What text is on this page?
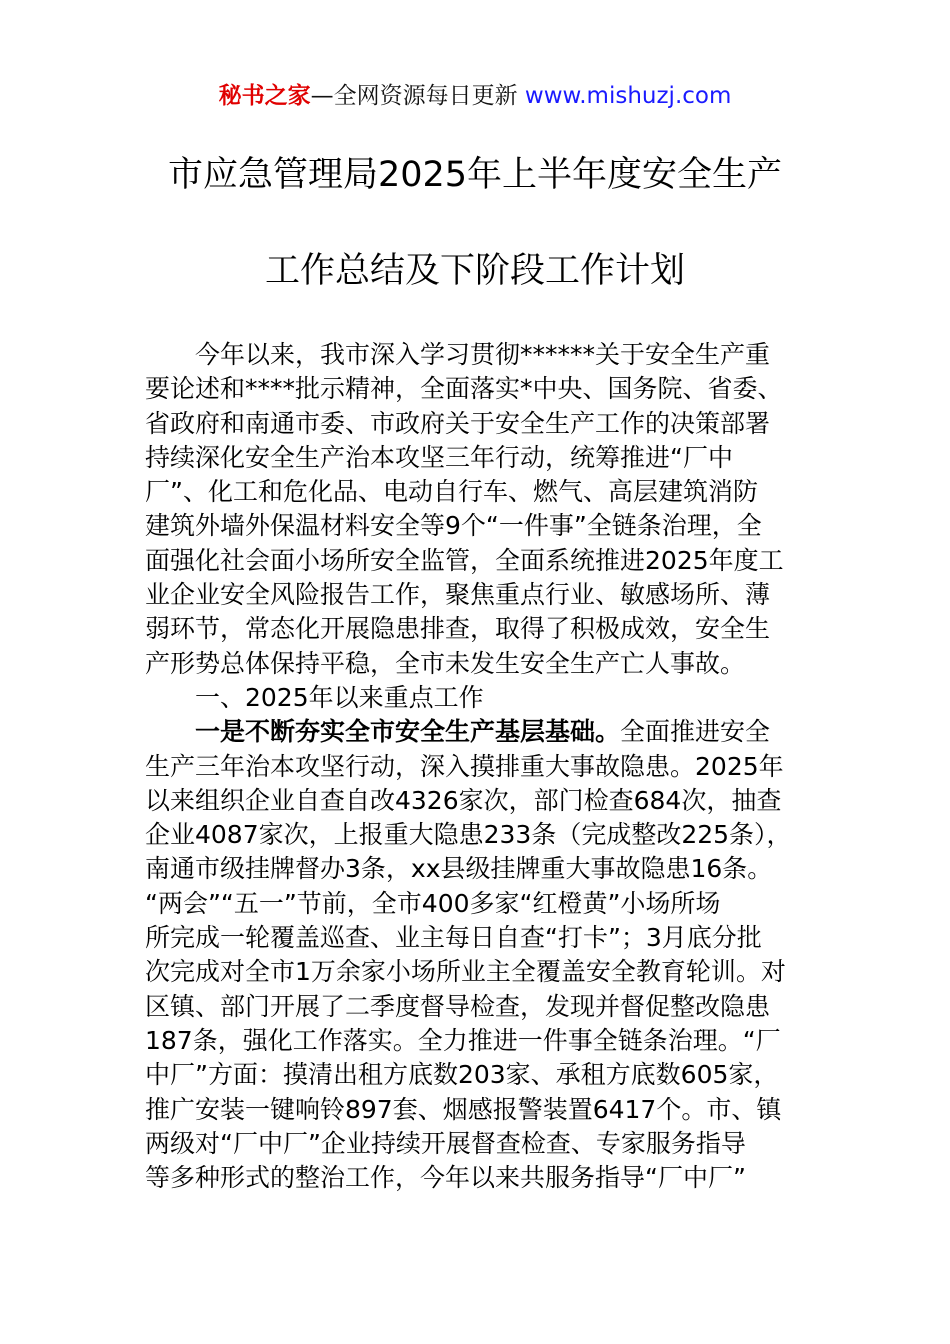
秘书之家—全网资源每日更新 www.mishuzj.com
市应急管理局2025年上半年度安全生产
工作总结及下阶段工作计划
今年以来，我市深入学习贯彻******关于安全生产重
要论述和****批示精神，全面落实*中央、国务院、省委、
省政府和南通市委、市政府关于安全生产工作的决策部署
持续深化安全生产治本攻坚三年行动，统筹推进“厂中
厂”、化工和危化品、电动自行车、燃气、高层建筑消防
建筑外墙外保温材料安全等9个“一件事”全链条治理，全
面强化社会面小场所安全监管，全面系统推进2025年度工
业企业安全风险报告工作，聚焦重点行业、敏感场所、薄
弱环节，常态化开展隐患排查，取得了积极成效，安全生
产形势总体保持平稳，全市未发生安全生产亡人事故。
一、2025年以来重点工作
一是不断夯实全市安全生产基层基础。全面推进安全
生产三年治本攻坚行动，深入摸排重大事故隐患。2025年
以来组织企业自查自改4326家次，部门检查684次，抽查
企业4087家次，上报重大隐患233条（完成整改225条），
南通市级挂牌督办3条，xx县级挂牌重大事故隐患16条。
“两会”“五一”节前，全市400多家“红橙黄”小场所场
所完成一轮覆盖巡查、业主每日自查“打卡”；3月底分批
次完成对全市1万余家小场所业主全覆盖安全教育轮训。对
区镇、部门开展了二季度督导检查，发现并督促整改隐患
187条，强化工作落实。全力推进一件事全链条治理。“厂
中厂”方面：摸清出租方底数203家、承租方底数605家，
推广安装一键响铃897套、烟感报警装置6417个。市、镇
两级对“厂中厂”企业持续开展督查检查、专家服务指导
等多种形式的整治工作，今年以来共服务指导“厂中厂”
